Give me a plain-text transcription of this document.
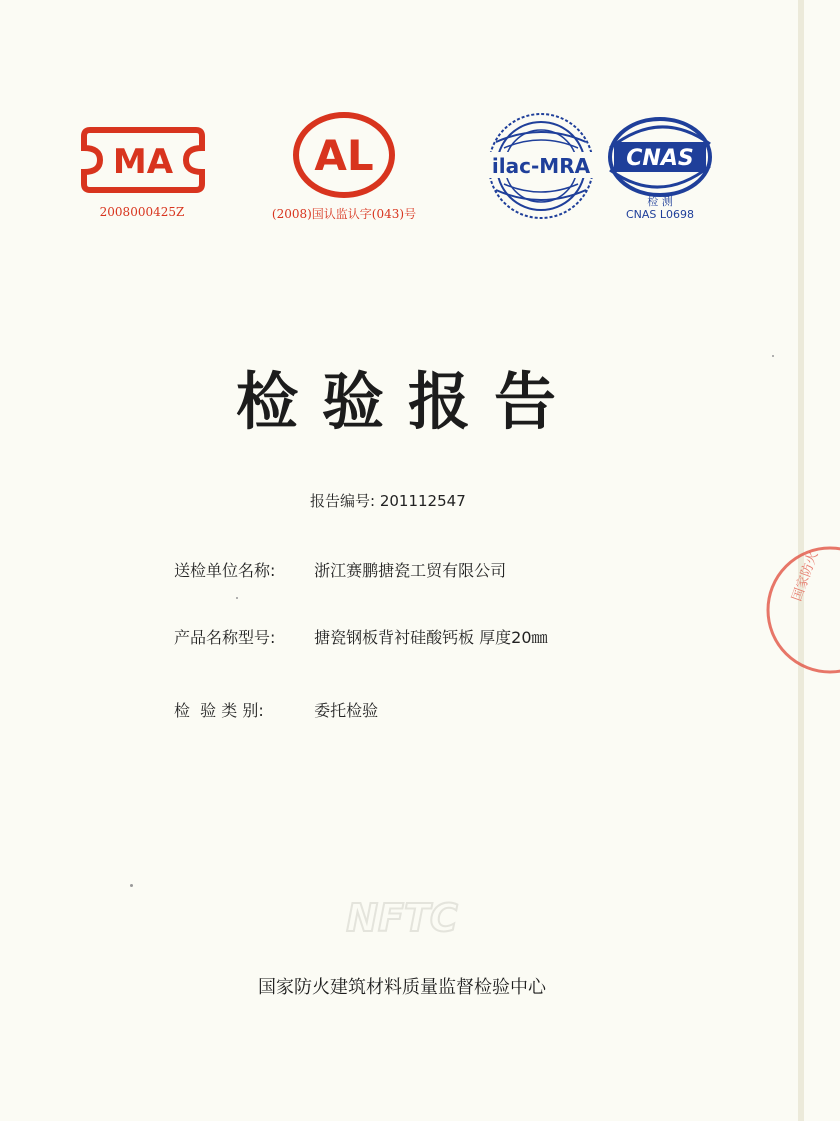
MA
2008000425Z
AL
(2008)国认监认字(043)号
ilac-MRA CNAS
检 测
CNAS L0698
检验报告
报告编号: 201112547
送检单位名称: 浙江赛鹏搪瓷工贸有限公司
产品名称型号: 搪瓷钢板背衬硅酸钙板 厚度20㎜
检  验 类 别:	委托检验
NFTC
国家防火建筑材料质量监督检验中心
国家防火
